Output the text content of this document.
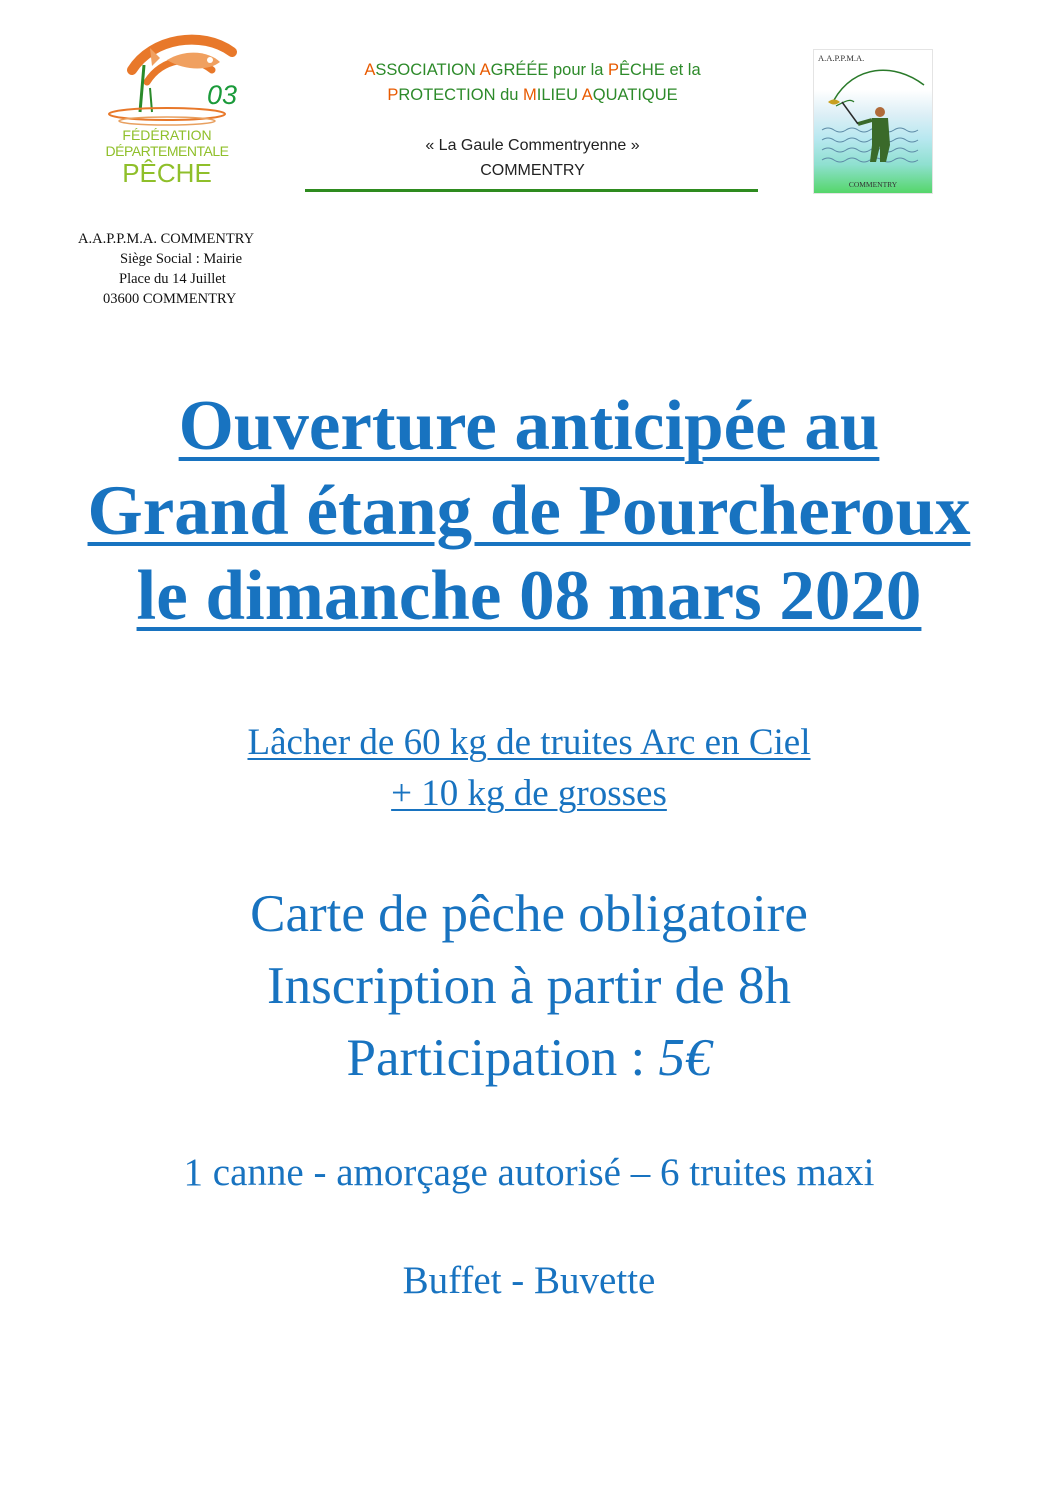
03
FÉDÉRATION
DÉPARTEMENTALE
PÊCHE
ASSOCIATION AGRÉÉE pour la PÊCHE et la
PROTECTION du MILIEU AQUATIQUE
« La Gaule Commentryenne »
COMMENTRY
A.A.P.P.M.A.
COMMENTRY
A.A.P.P.M.A. COMMENTRY
Siège Social : Mairie
Place du 14 Juillet
03600 COMMENTRY
Ouverture anticipée au
Grand étang de Pourcheroux
le dimanche 08 mars 2020
Lâcher de 60 kg de truites Arc en Ciel
+ 10 kg de grosses
Carte de pêche obligatoire
Inscription à partir de 8h
Participation : 5€
1 canne - amorçage autorisé – 6 truites maxi
Buffet - Buvette
